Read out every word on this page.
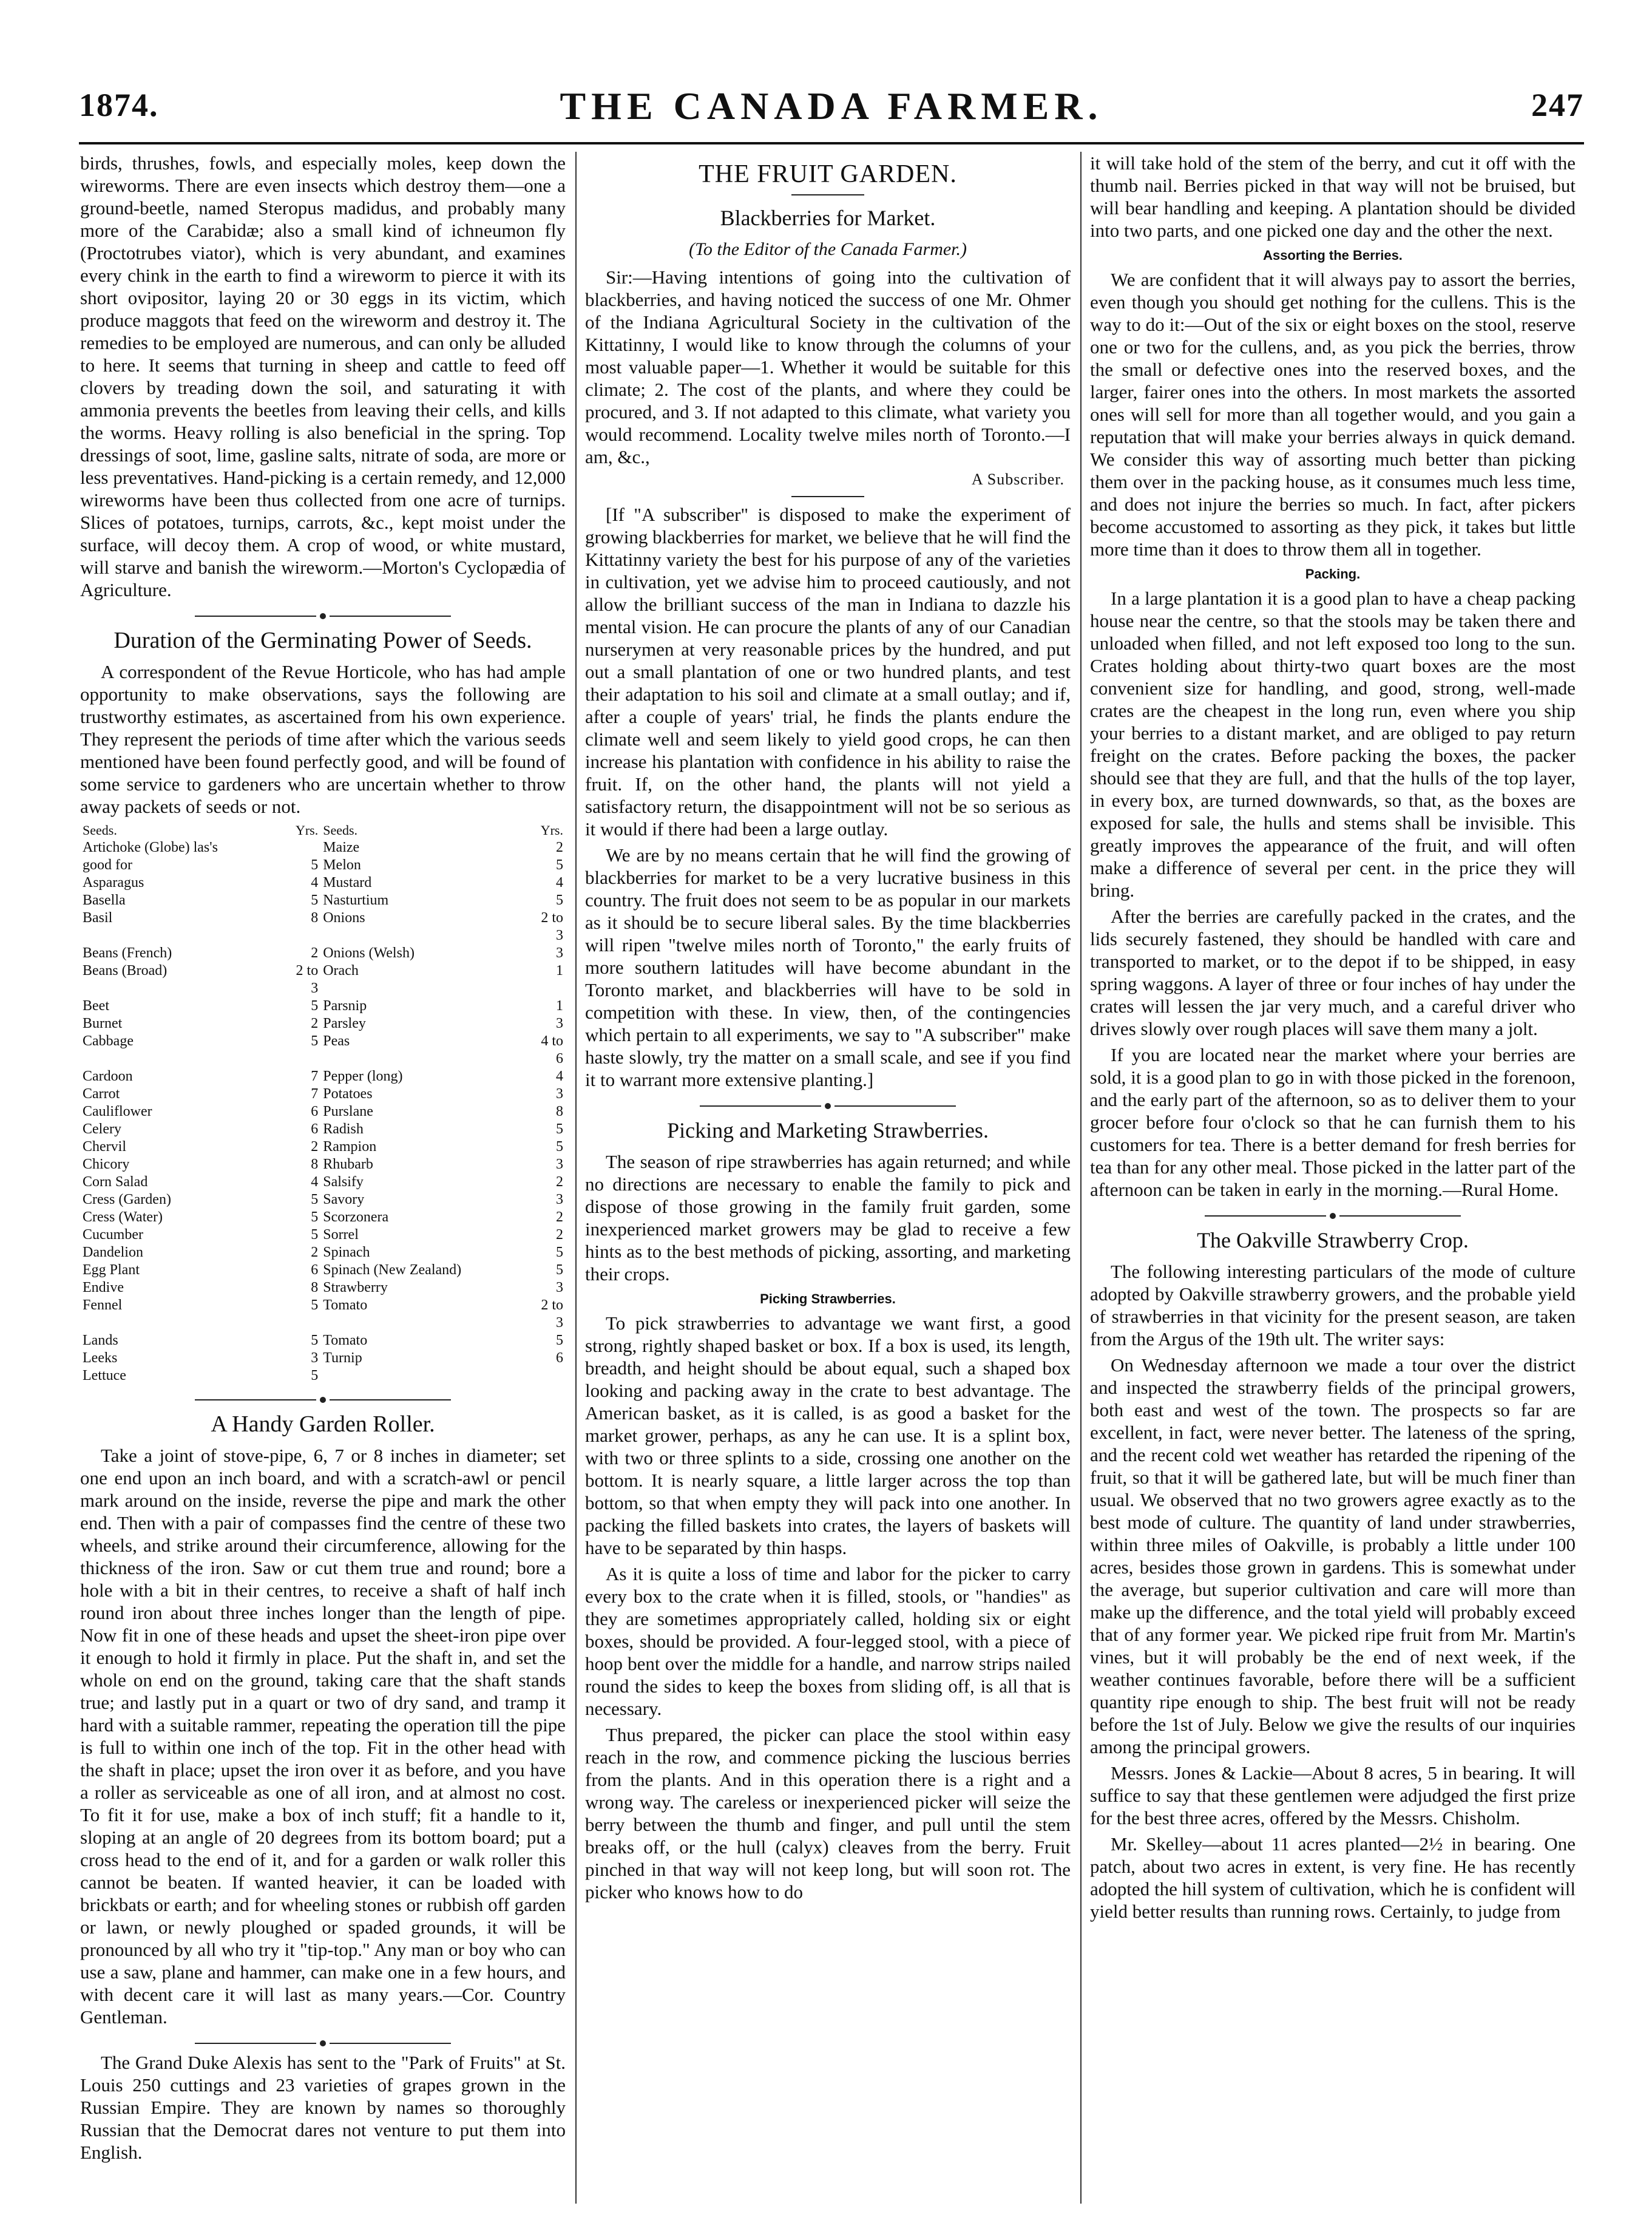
1874.	THE CANADA FARMER.	247

birds, thrushes, fowls, and especially moles, keep down the wireworms. There are even insects which destroy them—one a ground-beetle, named Steropus madidus, and probably many more of the Carabidæ; also a small kind of ichneumon fly (Proctotrubes viator), which is very abundant, and examines every chink in the earth to find a wireworm to pierce it with its short ovipositor, laying 20 or 30 eggs in its victim, which produce maggots that feed on the wireworm and destroy it. The remedies to be employed are numerous, and can only be alluded to here. It seems that turning in sheep and cattle to feed off clovers by treading down the soil, and saturating it with ammonia prevents the beetles from leaving their cells, and kills the worms. Heavy rolling is also beneficial in the spring. Top dressings of soot, lime, gasline salts, nitrate of soda, are more or less preventatives. Hand-picking is a certain remedy, and 12,000 wireworms have been thus collected from one acre of turnips. Slices of potatoes, turnips, carrots, &c., kept moist under the surface, will decoy them. A crop of wood, or white mustard, will starve and banish the wireworm.—Morton's Cyclopædia of Agriculture.

Duration of the Germinating Power of Seeds.

A correspondent of the Revue Horticole, who has had ample opportunity to make observations, says the following are trustworthy estimates, as ascertained from his own experience. They represent the periods of time after which the various seeds mentioned have been found perfectly good, and will be found of some service to gardeners who are uncertain whether to throw away packets of seeds or not.

Seeds.	Yrs.	Seeds.	Yrs.
Artichoke (Globe) las's		Maize	2
good for	5	Melon	5
Asparagus	4	Mustard	4
Basella	5	Nasturtium	5
Basil	8	Onions	2 to 3
Beans (French)	2	Onions (Welsh)	3
Beans (Broad)	2 to 3	Orach	1
Beet	5	Parsnip	1
Burnet	2	Parsley	3
Cabbage	5	Peas	4 to 6
Cardoon	7	Pepper (long)	4
Carrot	7	Potatoes	3
Cauliflower	6	Purslane	8
Celery	6	Radish	5
Chervil	2	Rampion	5
Chicory	8	Rhubarb	3
Corn Salad	4	Salsify	2
Cress (Garden)	5	Savory	3
Cress (Water)	5	Scorzonera	2
Cucumber	5	Sorrel	2
Dandelion	2	Spinach	5
Egg Plant	6	Spinach (New Zealand)	5
Endive	8	Strawberry	3
Fennel	5	Tomato	2 to 3
Lands	5	Tomato	5
Leeks	3	Turnip	6
Lettuce	5		
A Handy Garden Roller.

Take a joint of stove-pipe, 6, 7 or 8 inches in diameter; set one end upon an inch board, and with a scratch-awl or pencil mark around on the inside, reverse the pipe and mark the other end. Then with a pair of compasses find the centre of these two wheels, and strike around their circumference, allowing for the thickness of the iron. Saw or cut them true and round; bore a hole with a bit in their centres, to receive a shaft of half inch round iron about three inches longer than the length of pipe. Now fit in one of these heads and upset the sheet-iron pipe over it enough to hold it firmly in place. Put the shaft in, and set the whole on end on the ground, taking care that the shaft stands true; and lastly put in a quart or two of dry sand, and tramp it hard with a suitable rammer, repeating the operation till the pipe is full to within one inch of the top. Fit in the other head with the shaft in place; upset the iron over it as before, and you have a roller as serviceable as one of all iron, and at almost no cost. To fit it for use, make a box of inch stuff; fit a handle to it, sloping at an angle of 20 degrees from its bottom board; put a cross head to the end of it, and for a garden or walk roller this cannot be beaten. If wanted heavier, it can be loaded with brickbats or earth; and for wheeling stones or rubbish off garden or lawn, or newly ploughed or spaded grounds, it will be pronounced by all who try it "tip-top." Any man or boy who can use a saw, plane and hammer, can make one in a few hours, and with decent care it will last as many years.—Cor. Country Gentleman.

The Grand Duke Alexis has sent to the "Park of Fruits" at St. Louis 250 cuttings and 23 varieties of grapes grown in the Russian Empire. They are known by names so thoroughly Russian that the Democrat dares not venture to put them into English.

THE FRUIT GARDEN.
Blackberries for Market.
(To the Editor of the Canada Farmer.)

Sir:—Having intentions of going into the cultivation of blackberries, and having noticed the success of one Mr. Ohmer of the Indiana Agricultural Society in the cultivation of the Kittatinny, I would like to know through the columns of your most valuable paper—1. Whether it would be suitable for this climate; 2. The cost of the plants, and where they could be procured, and 3. If not adapted to this climate, what variety you would recommend. Locality twelve miles north of Toronto.—I am, &c.,

A Subscriber.

[If "A subscriber" is disposed to make the experiment of growing blackberries for market, we believe that he will find the Kittatinny variety the best for his purpose of any of the varieties in cultivation, yet we advise him to proceed cautiously, and not allow the brilliant success of the man in Indiana to dazzle his mental vision. He can procure the plants of any of our Canadian nurserymen at very reasonable prices by the hundred, and put out a small plantation of one or two hundred plants, and test their adaptation to his soil and climate at a small outlay; and if, after a couple of years' trial, he finds the plants endure the climate well and seem likely to yield good crops, he can then increase his plantation with confidence in his ability to raise the fruit. If, on the other hand, the plants will not yield a satisfactory return, the disappointment will not be so serious as it would if there had been a large outlay.

We are by no means certain that he will find the growing of blackberries for market to be a very lucrative business in this country. The fruit does not seem to be as popular in our markets as it should be to secure liberal sales. By the time blackberries will ripen "twelve miles north of Toronto," the early fruits of more southern latitudes will have become abundant in the Toronto market, and blackberries will have to be sold in competition with these. In view, then, of the contingencies which pertain to all experiments, we say to "A subscriber" make haste slowly, try the matter on a small scale, and see if you find it to warrant more extensive planting.]

Picking and Marketing Strawberries.

The season of ripe strawberries has again returned; and while no directions are necessary to enable the family to pick and dispose of those growing in the family fruit garden, some inexperienced market growers may be glad to receive a few hints as to the best methods of picking, assorting, and marketing their crops.

Picking Strawberries.

To pick strawberries to advantage we want first, a good strong, rightly shaped basket or box. If a box is used, its length, breadth, and height should be about equal, such a shaped box looking and packing away in the crate to best advantage. The American basket, as it is called, is as good a basket for the market grower, perhaps, as any he can use. It is a splint box, with two or three splints to a side, crossing one another on the bottom. It is nearly square, a little larger across the top than bottom, so that when empty they will pack into one another. In packing the filled baskets into crates, the layers of baskets will have to be separated by thin hasps.

As it is quite a loss of time and labor for the picker to carry every box to the crate when it is filled, stools, or "handies" as they are sometimes appropriately called, holding six or eight boxes, should be provided. A four-legged stool, with a piece of hoop bent over the middle for a handle, and narrow strips nailed round the sides to keep the boxes from sliding off, is all that is necessary.

Thus prepared, the picker can place the stool within easy reach in the row, and commence picking the luscious berries from the plants. And in this operation there is a right and a wrong way. The careless or inexperienced picker will seize the berry between the thumb and finger, and pull until the stem breaks off, or the hull (calyx) cleaves from the berry. Fruit pinched in that way will not keep long, but will soon rot. The picker who knows how to do

it will take hold of the stem of the berry, and cut it off with the thumb nail. Berries picked in that way will not be bruised, but will bear handling and keeping. A plantation should be divided into two parts, and one picked one day and the other the next.

Assorting the Berries.

We are confident that it will always pay to assort the berries, even though you should get nothing for the cullens. This is the way to do it:—Out of the six or eight boxes on the stool, reserve one or two for the cullens, and, as you pick the berries, throw the small or defective ones into the reserved boxes, and the larger, fairer ones into the others. In most markets the assorted ones will sell for more than all together would, and you gain a reputation that will make your berries always in quick demand. We consider this way of assorting much better than picking them over in the packing house, as it consumes much less time, and does not injure the berries so much. In fact, after pickers become accustomed to assorting as they pick, it takes but little more time than it does to throw them all in together.

Packing.

In a large plantation it is a good plan to have a cheap packing house near the centre, so that the stools may be taken there and unloaded when filled, and not left exposed too long to the sun. Crates holding about thirty-two quart boxes are the most convenient size for handling, and good, strong, well-made crates are the cheapest in the long run, even where you ship your berries to a distant market, and are obliged to pay return freight on the crates. Before packing the boxes, the packer should see that they are full, and that the hulls of the top layer, in every box, are turned downwards, so that, as the boxes are exposed for sale, the hulls and stems shall be invisible. This greatly improves the appearance of the fruit, and will often make a difference of several per cent. in the price they will bring.

After the berries are carefully packed in the crates, and the lids securely fastened, they should be handled with care and transported to market, or to the depot if to be shipped, in easy spring waggons. A layer of three or four inches of hay under the crates will lessen the jar very much, and a careful driver who drives slowly over rough places will save them many a jolt.

If you are located near the market where your berries are sold, it is a good plan to go in with those picked in the forenoon, and the early part of the afternoon, so as to deliver them to your grocer before four o'clock so that he can furnish them to his customers for tea. There is a better demand for fresh berries for tea than for any other meal. Those picked in the latter part of the afternoon can be taken in early in the morning.—Rural Home.

The Oakville Strawberry Crop.

The following interesting particulars of the mode of culture adopted by Oakville strawberry growers, and the probable yield of strawberries in that vicinity for the present season, are taken from the Argus of the 19th ult. The writer says:

On Wednesday afternoon we made a tour over the district and inspected the strawberry fields of the principal growers, both east and west of the town. The prospects so far are excellent, in fact, were never better. The lateness of the spring, and the recent cold wet weather has retarded the ripening of the fruit, so that it will be gathered late, but will be much finer than usual. We observed that no two growers agree exactly as to the best mode of culture. The quantity of land under strawberries, within three miles of Oakville, is probably a little under 100 acres, besides those grown in gardens. This is somewhat under the average, but superior cultivation and care will more than make up the difference, and the total yield will probably exceed that of any former year. We picked ripe fruit from Mr. Martin's vines, but it will probably be the end of next week, if the weather continues favorable, before there will be a sufficient quantity ripe enough to ship. The best fruit will not be ready before the 1st of July. Below we give the results of our inquiries among the principal growers.

Messrs. Jones & Lackie—About 8 acres, 5 in bearing. It will suffice to say that these gentlemen were adjudged the first prize for the best three acres, offered by the Messrs. Chisholm.

Mr. Skelley—about 11 acres planted—2½ in bearing. One patch, about two acres in extent, is very fine. He has recently adopted the hill system of cultivation, which he is confident will yield better results than running rows. Certainly, to judge from
